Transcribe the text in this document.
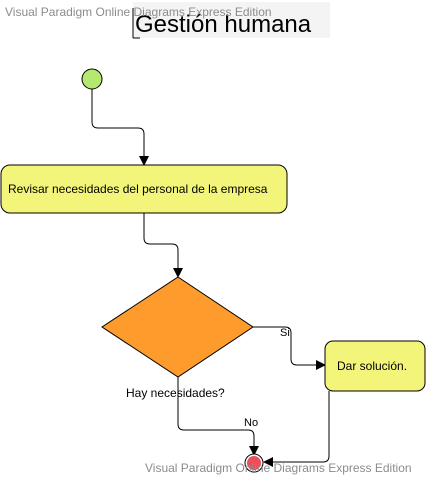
Gestión humana
Visual Paradigm Online Diagrams Express Edition
Revisar necesidades del personal de la empresa
Hay necesidades?
Dar solución.
Si
No
Visual Paradigm Online Diagrams Express Edition
